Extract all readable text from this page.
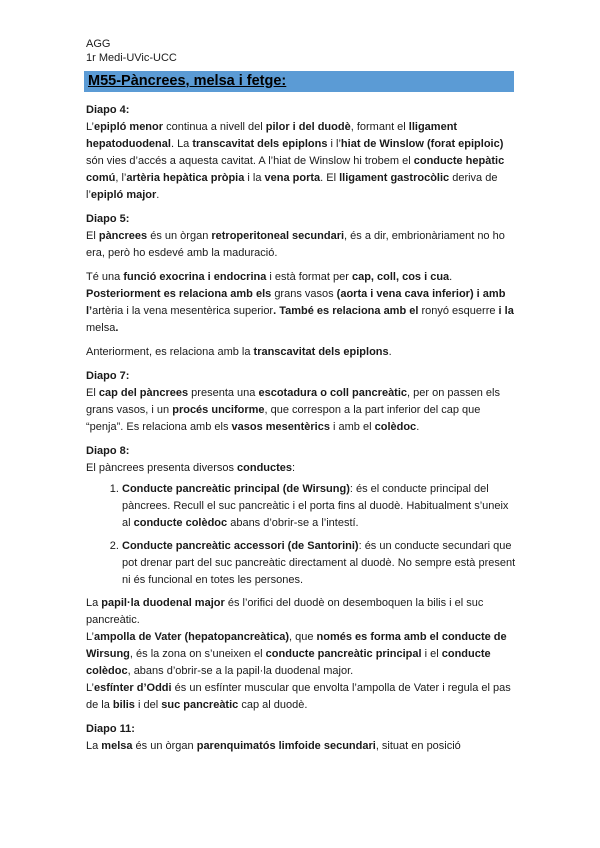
AGG
1r Medi-UVic-UCC
M55-Pàncrees, melsa i fetge:
Diapo 4:

L’epipló menor continua a nivell del pilor i del duodè, formant el lligament hepatoduodenal. La transcavitat dels epiplons i l’hiat de Winslow (forat epiploic) són vies d’accés a aquesta cavitat. A l’hiat de Winslow hi trobem el conducte hepàtic comú, l’artèria hepàtica pròpia i la vena porta. El lligament gastrocòlic deriva de l’epipló major.

Diapo 5:

El pàncrees és un òrgan retroperitoneal secundari, és a dir, embrionàriament no ho era, però ho esdevé amb la maduració.

Té una funció exocrina i endocrina i està format per cap, coll, cos i cua. Posteriorment es relaciona amb els grans vasos (aorta i vena cava inferior) i amb l’artèria i la vena mesentèrica superior. També es relaciona amb el ronyó esquerre i la melsa.

Anteriorment, es relaciona amb la transcavitat dels epiplons.

Diapo 7:

El cap del pàncrees presenta una escotadura o coll pancreàtic, per on passen els grans vasos, i un procés unciforme, que correspon a la part inferior del cap que “penja”. Es relaciona amb els vasos mesentèrics i amb el colèdoc.

Diapo 8:

El pàncrees presenta diversos conductes:

1. Conducte pancreàtic principal (de Wirsung): és el conducte principal del pàncrees. Recull el suc pancreàtic i el porta fins al duodè. Habitualment s’uneix al conducte colèdoc abans d’obrir-se a l’intestí.
2. Conducte pancreàtic accessori (de Santorini): és un conducte secundari que pot drenar part del suc pancreàtic directament al duodè. No sempre està present ni és funcional en totes les persones.

La papil·la duodenal major és l’orifici del duodè on desemboquen la bilis i el suc pancreàtic.

L’ampolla de Vater (hepatopancreàtica), que només es forma amb el conducte de Wirsung, és la zona on s’uneixen el conducte pancreàtic principal i el conducte colèdoc, abans d’obrir-se a la papil·la duodenal major.

L’esfínter d’Oddi és un esfínter muscular que envolta l’ampolla de Vater i regula el pas de la bilis i del suc pancreàtic cap al duodè.

Diapo 11:

La melsa és un òrgan parenquimatós limfoide secundari, situat en posició
